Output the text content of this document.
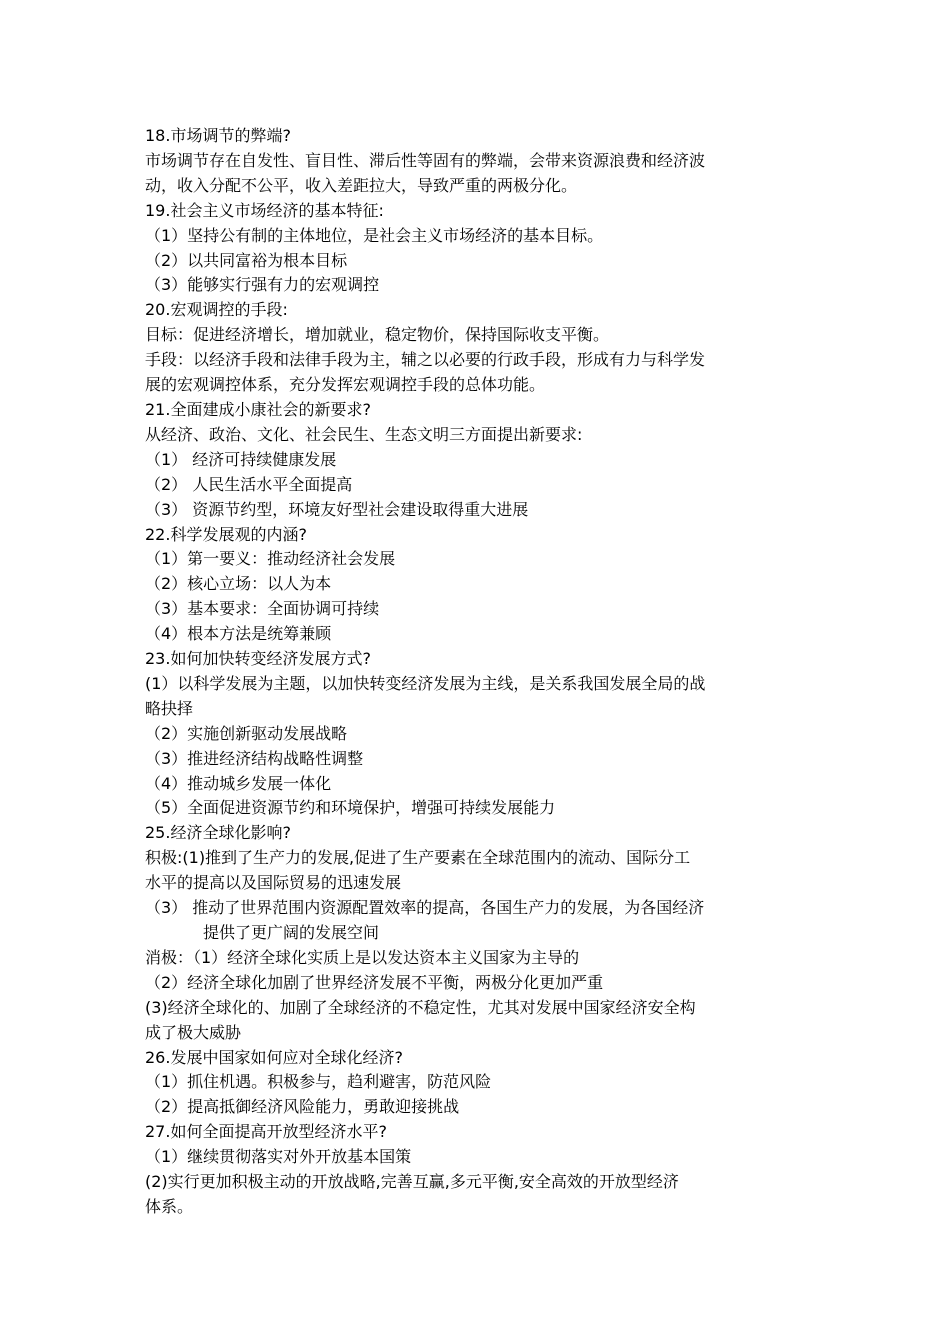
18.市场调节的弊端?

市场调节存在自发性、盲目性、滞后性等固有的弊端，会带来资源浪费和经济波

动，收入分配不公平，收入差距拉大，导致严重的两极分化。

19.社会主义市场经济的基本特征:

（1）坚持公有制的主体地位，是社会主义市场经济的基本目标。

（2）以共同富裕为根本目标

（3）能够实行强有力的宏观调控

20.宏观调控的手段:

目标：促进经济增长，增加就业，稳定物价，保持国际收支平衡。

手段：以经济手段和法律手段为主，辅之以必要的行政手段，形成有力与科学发

展的宏观调控体系，充分发挥宏观调控手段的总体功能。

21.全面建成小康社会的新要求?

从经济、政治、文化、社会民生、生态文明三方面提出新要求:

（1） 经济可持续健康发展

（2） 人民生活水平全面提高

（3） 资源节约型，环境友好型社会建设取得重大进展

22.科学发展观的内涵?

（1）第一要义：推动经济社会发展

（2）核心立场：以人为本

（3）基本要求：全面协调可持续

（4）根本方法是统筹兼顾

23.如何加快转变经济发展方式?

(1）以科学发展为主题，以加快转变经济发展为主线，是关系我国发展全局的战

略抉择

（2）实施创新驱动发展战略

（3）推进经济结构战略性调整

（4）推动城乡发展一体化

（5）全面促进资源节约和环境保护，增强可持续发展能力

25.经济全球化影响?

积极:(1)推到了生产力的发展,促进了生产要素在全球范围内的流动、国际分工

水平的提高以及国际贸易的迅速发展

（3） 推动了世界范围内资源配置效率的提高，各国生产力的发展，为各国经济

提供了更广阔的发展空间

消极：（1）经济全球化实质上是以发达资本主义国家为主导的

（2）经济全球化加剧了世界经济发展不平衡，两极分化更加严重

(3)经济全球化的、加剧了全球经济的不稳定性，尤其对发展中国家经济安全构

成了极大威胁

26.发展中国家如何应对全球化经济?

（1）抓住机遇。积极参与，趋利避害，防范风险

（2）提高抵御经济风险能力，勇敢迎接挑战

27.如何全面提高开放型经济水平?

（1）继续贯彻落实对外开放基本国策

(2)实行更加积极主动的开放战略,完善互赢,多元平衡,安全高效的开放型经济

体系。
